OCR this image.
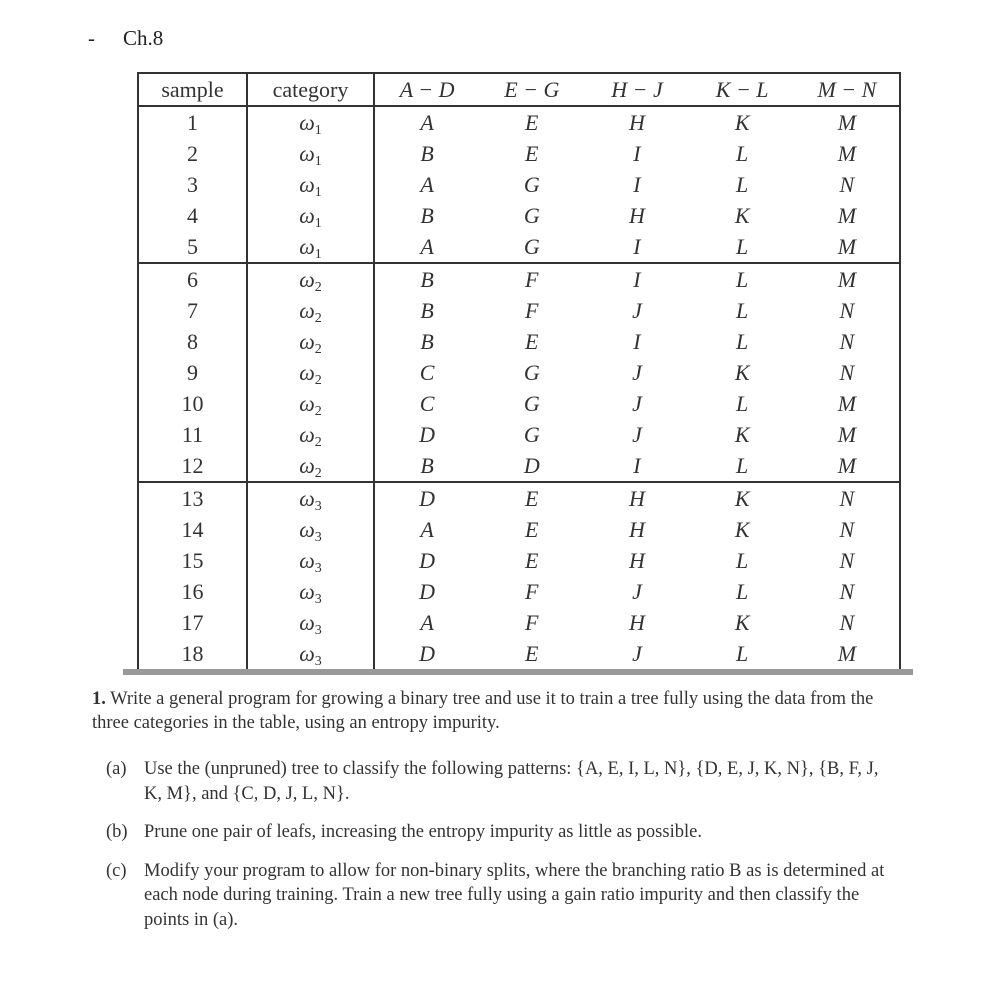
- Ch.8
sample	category	A − D	E − G	H − J	K − L	M − N
1	$\omega_1$	A	E	H	K	M
2	$\omega_1$	B	E	I	L	M
3	$\omega_1$	A	G	I	L	N
4	$\omega_1$	B	G	H	K	M
5	$\omega_1$	A	G	I	L	M
6	$\omega_2$	B	F	I	L	M
7	$\omega_2$	B	F	J	L	N
8	$\omega_2$	B	E	I	L	N
9	$\omega_2$	C	G	J	K	N
10	$\omega_2$	C	G	J	L	M
11	$\omega_2$	D	G	J	K	M
12	$\omega_2$	B	D	I	L	M
13	$\omega_3$	D	E	H	K	N
14	$\omega_3$	A	E	H	K	N
15	$\omega_3$	D	E	H	L	N
16	$\omega_3$	D	F	J	L	N
17	$\omega_3$	A	F	H	K	N
18	$\omega_3$	D	E	J	L	M
1. Write a general program for growing a binary tree and use it to train a tree fully using the data from the three categories in the table, using an entropy impurity.
(a) Use the (unpruned) tree to classify the following patterns: {A, E, I, L, N}, {D, E, J, K, N}, {B, F, J, K, M}, and {C, D, J, L, N}.
(b) Prune one pair of leafs, increasing the entropy impurity as little as possible.
(c) Modify your program to allow for non-binary splits, where the branching ratio B as is determined at each node during training. Train a new tree fully using a gain ratio impurity and then classify the points in (a).
